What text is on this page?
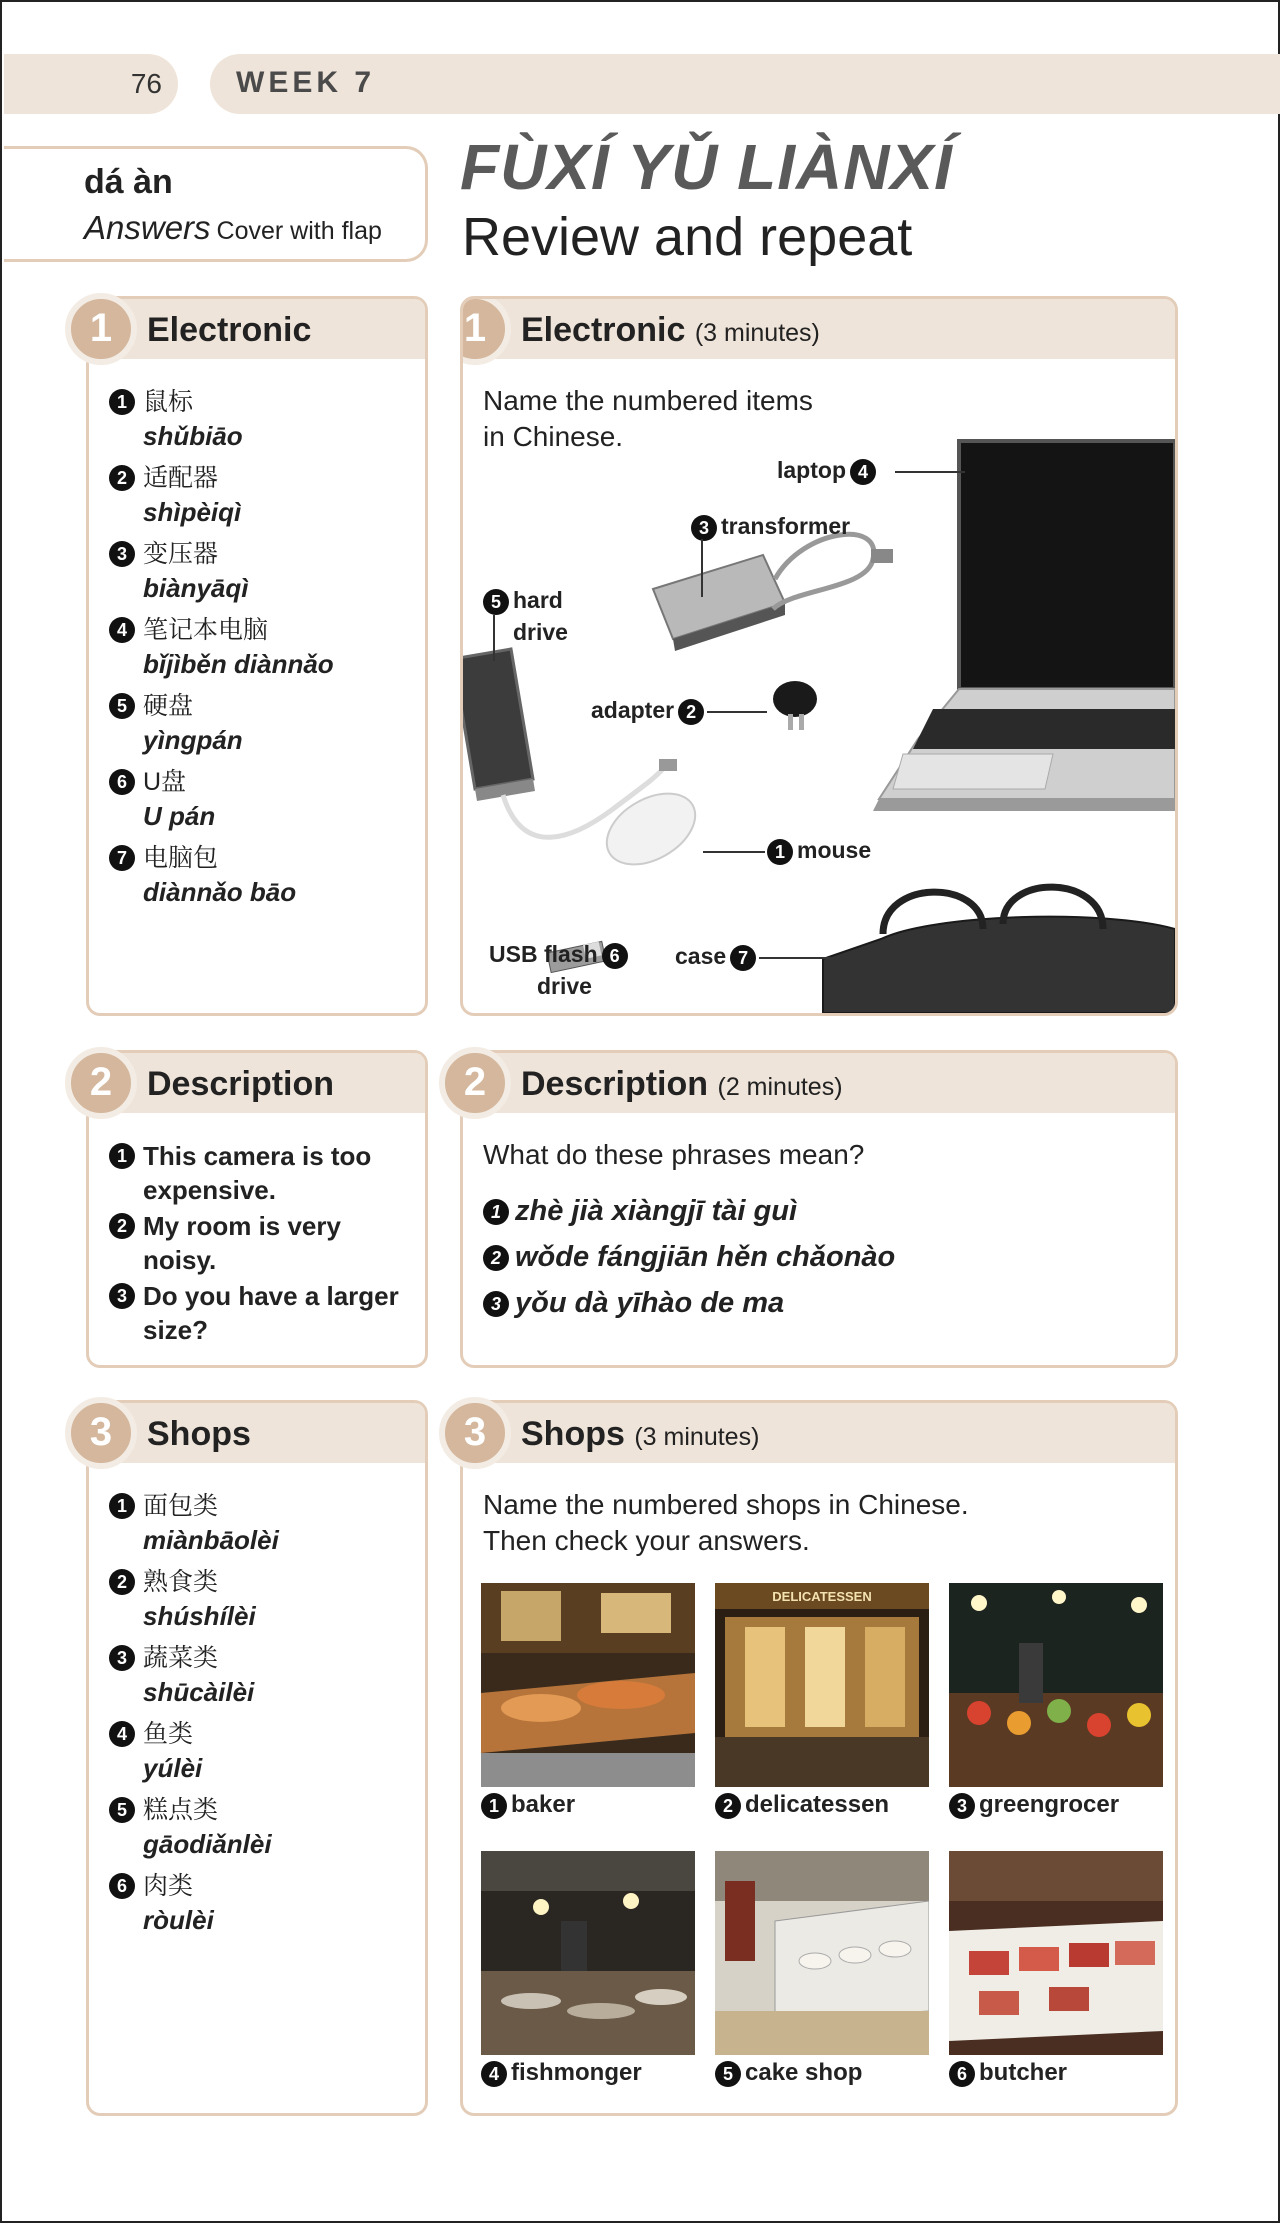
76 WEEK 7
dá àn
Answers Cover with flap
FÙXÍ YǓ LIÀNXÍ
Review and repeat
1	Electronic
1 鼠标
shǔbiāo
2 适配器
shìpèiqì
3 变压器
biànyāqì
4 笔记本电脑
bǐjìběn diànnǎo
5 硬盘
yìngpán
6 U盘
U pán
7 电脑包
diànnǎo bāo
1	Electronic (3 minutes)
Name the numbered items in Chinese.
laptop 4
3 transformer
5 hard
drive
adapter 2
1 mouse
USB flash 6
drive
case 7
2	Description
1 This camera is too expensive.
2 My room is very noisy.
3 Do you have a larger size?
2	Description (2 minutes)
What do these phrases mean?
1 zhè jià xiàngjī tài guì
2 wǒde fángjiān hěn chǎonào
3 yǒu dà yīhào de ma
3	Shops
1 面包类
miànbāolèi
2 熟食类
shúshílèi
3 蔬菜类
shūcàilèi
4 鱼类
yúlèi
5 糕点类
gāodiǎnlèi
6 肉类
ròulèi
3	Shops (3 minutes)
Name the numbered shops in Chinese.
Then check your answers.
DELICATESSEN
1 baker	2 delicatessen	3 greengrocer
4 fishmonger	5 cake shop	6 butcher
